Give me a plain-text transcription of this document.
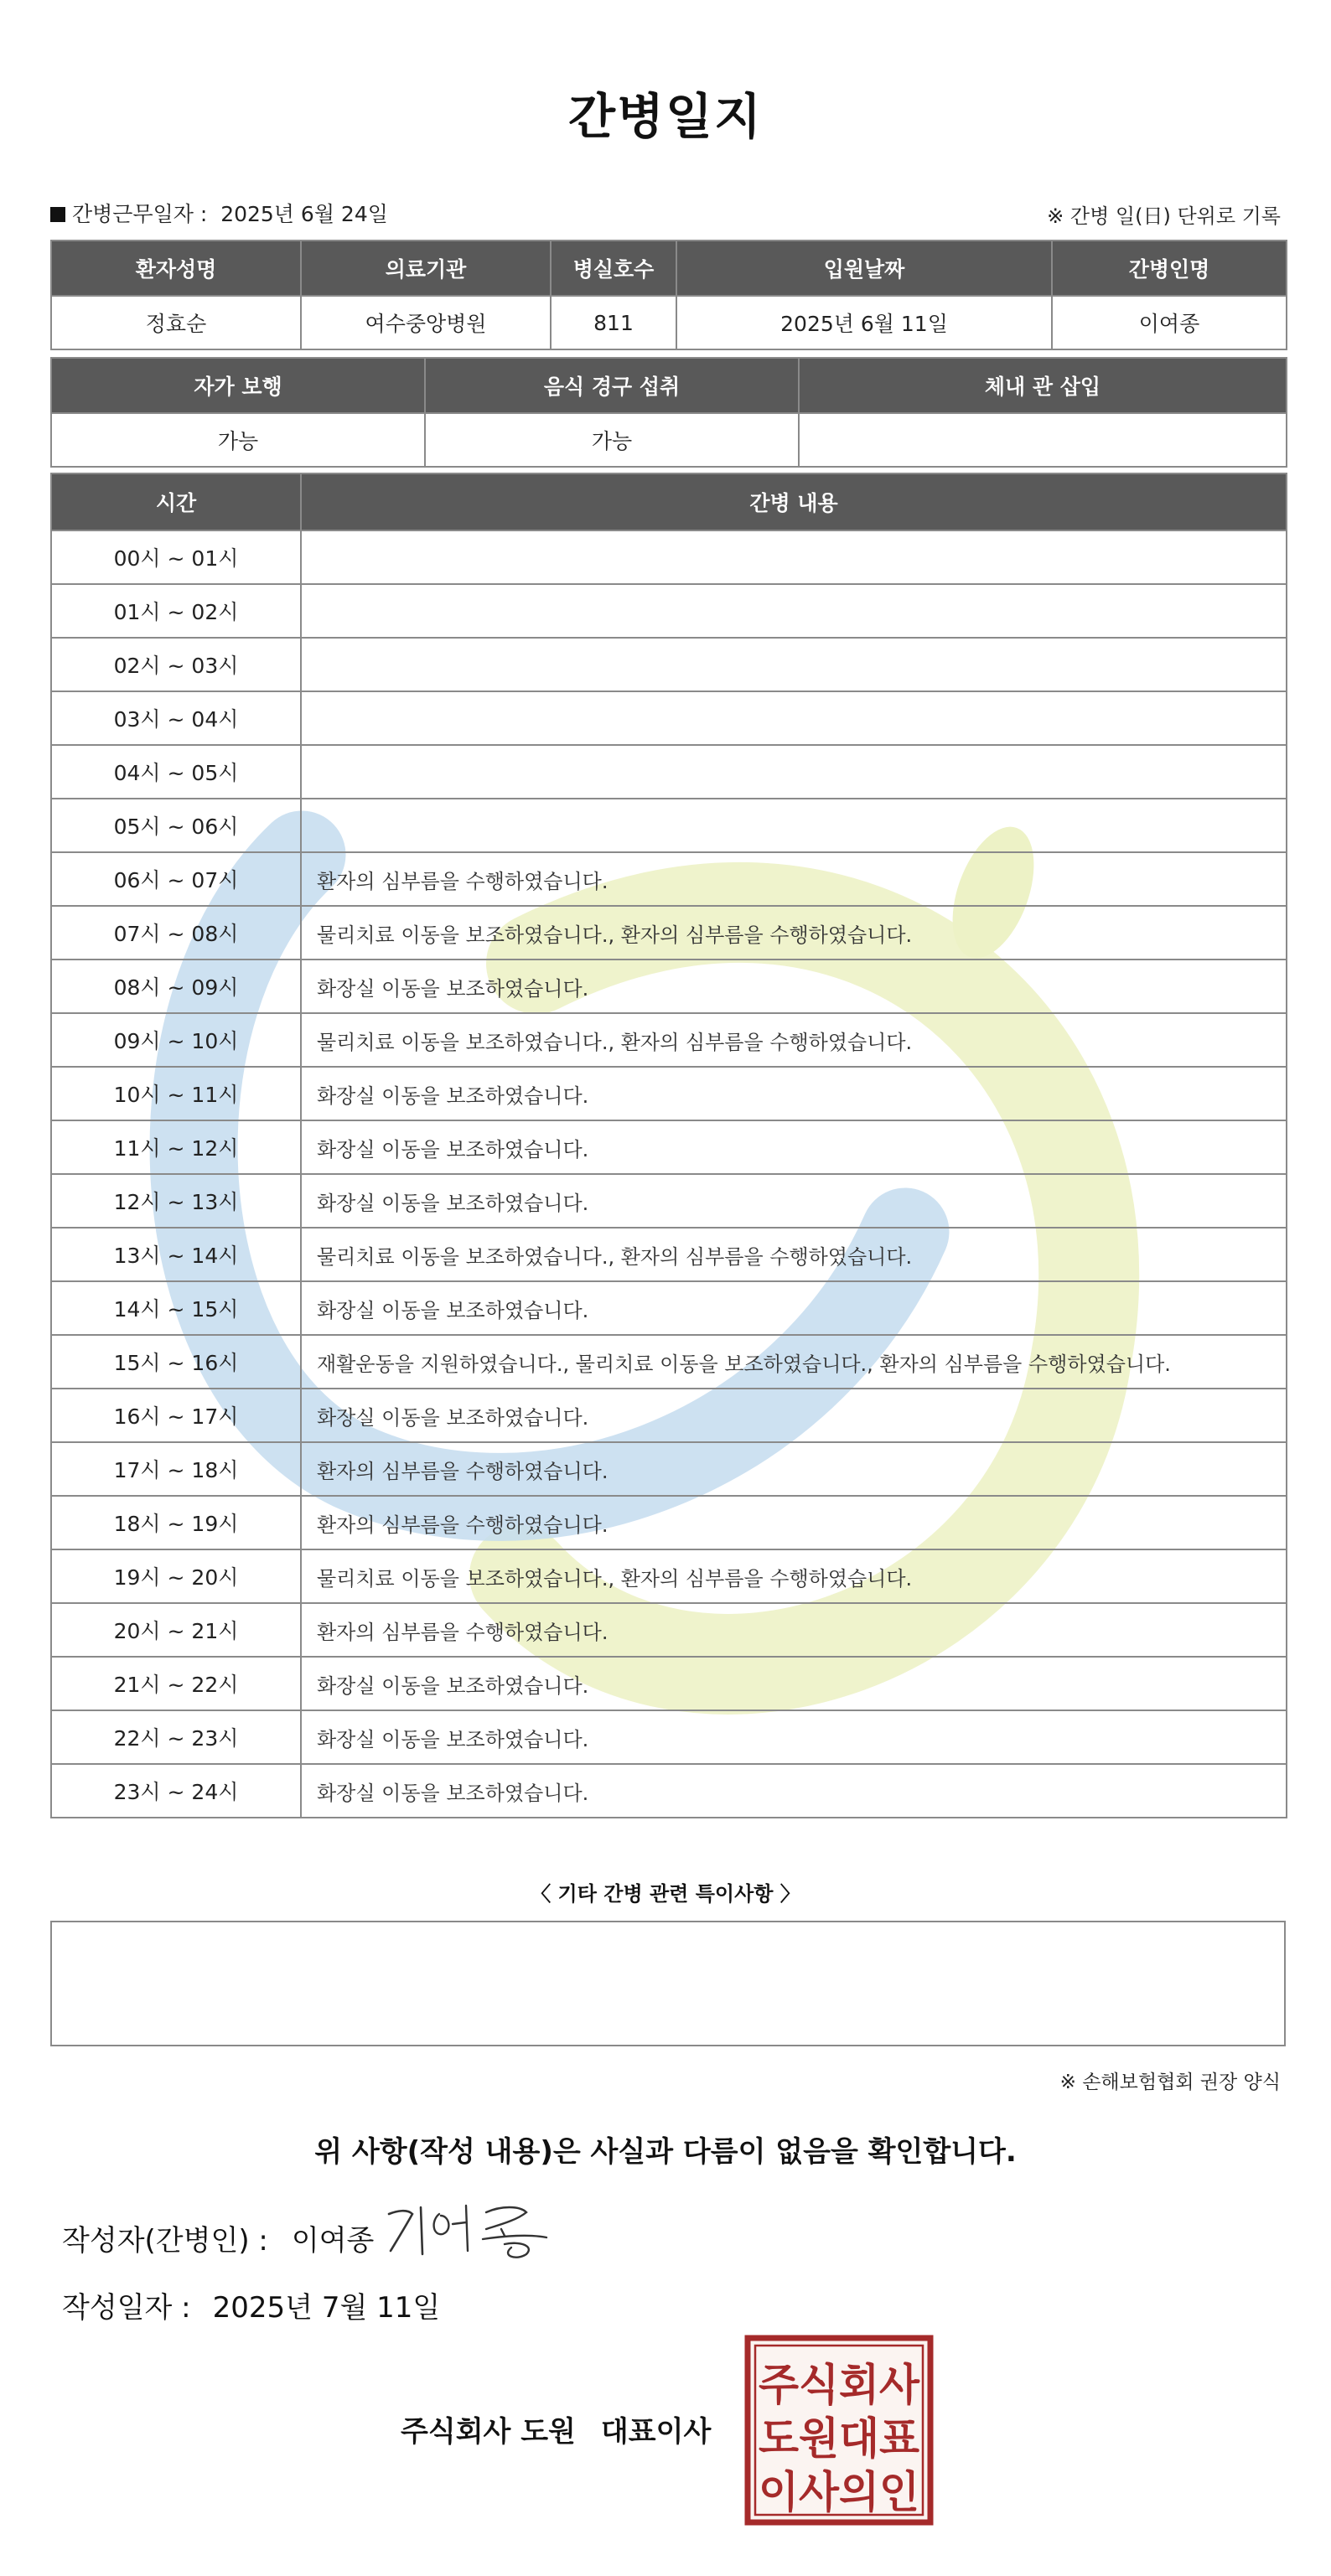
간병일지
간병근무일자 : 2025년 6월 24일	※ 간병 일(日) 단위로 기록
환자성명	의료기관	병실호수	입원날짜	간병인명
정효순	여수중앙병원	811	2025년 6월 11일	이여종
자가 보행	음식 경구 섭취	체내 관 삽입
가능	가능	
시간	간병 내용
00시 ~ 01시	
01시 ~ 02시	
02시 ~ 03시	
03시 ~ 04시	
04시 ~ 05시	
05시 ~ 06시	
06시 ~ 07시	환자의 심부름을 수행하였습니다.
07시 ~ 08시	물리치료 이동을 보조하였습니다., 환자의 심부름을 수행하였습니다.
08시 ~ 09시	화장실 이동을 보조하였습니다.
09시 ~ 10시	물리치료 이동을 보조하였습니다., 환자의 심부름을 수행하였습니다.
10시 ~ 11시	화장실 이동을 보조하였습니다.
11시 ~ 12시	화장실 이동을 보조하였습니다.
12시 ~ 13시	화장실 이동을 보조하였습니다.
13시 ~ 14시	물리치료 이동을 보조하였습니다., 환자의 심부름을 수행하였습니다.
14시 ~ 15시	화장실 이동을 보조하였습니다.
15시 ~ 16시	재활운동을 지원하였습니다., 물리치료 이동을 보조하였습니다., 환자의 심부름을 수행하였습니다.
16시 ~ 17시	화장실 이동을 보조하였습니다.
17시 ~ 18시	환자의 심부름을 수행하였습니다.
18시 ~ 19시	환자의 심부름을 수행하였습니다.
19시 ~ 20시	물리치료 이동을 보조하였습니다., 환자의 심부름을 수행하였습니다.
20시 ~ 21시	환자의 심부름을 수행하였습니다.
21시 ~ 22시	화장실 이동을 보조하였습니다.
22시 ~ 23시	화장실 이동을 보조하였습니다.
23시 ~ 24시	화장실 이동을 보조하였습니다.
〈 기타 간병 관련 특이사항 〉
※ 손해보험협회 권장 양식
위 사항(작성 내용)은 사실과 다름이 없음을 확인합니다.
작성자(간병인) : 이여종
작성일자 : 2025년 7월 11일
주식회사 도원 대표이사
주식회사
도원대표
이사의인
